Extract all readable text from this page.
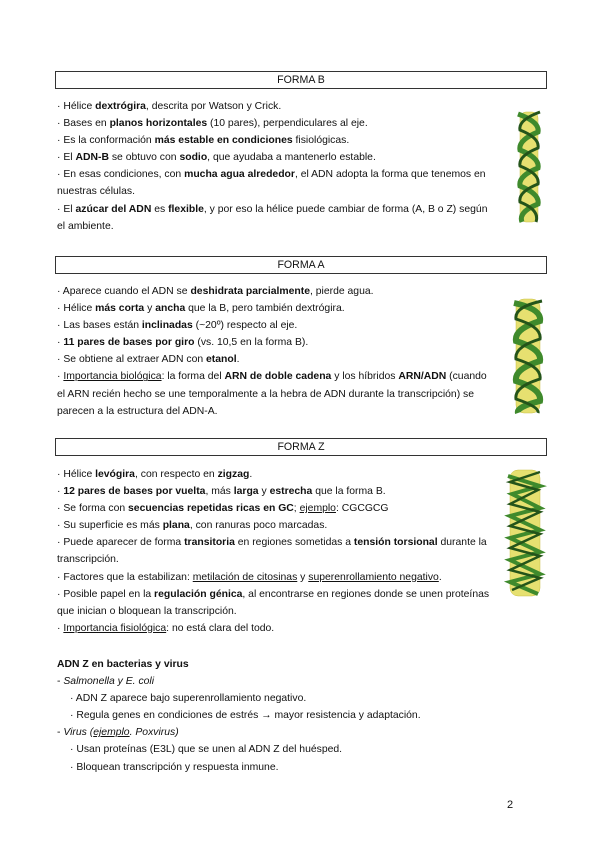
FORMA B

· Hélice dextrógira, descrita por Watson y Crick.

· Bases en planos horizontales (10 pares), perpendiculares al eje.

· Es la conformación más estable en condiciones fisiológicas.

· El ADN-B se obtuvo con sodio, que ayudaba a mantenerlo estable.

· En esas condiciones, con mucha agua alrededor, el ADN adopta la forma que tenemos en nuestras células.

· El azúcar del ADN es flexible, y por eso la hélice puede cambiar de forma (A, B o Z) según el ambiente.

FORMA A

· Aparece cuando el ADN se deshidrata parcialmente, pierde agua.

· Hélice más corta y ancha que la B, pero también dextrógira.

· Las bases están inclinadas (~20º) respecto al eje.

· 11 pares de bases por giro (vs. 10,5 en la forma B).

· Se obtiene al extraer ADN con etanol.

· Importancia biológica: la forma del ARN de doble cadena y los híbridos ARN/ADN (cuando el ARN recién hecho se une temporalmente a la hebra de ADN durante la transcripción) se parecen a la estructura del ADN-A.

FORMA Z

· Hélice levógira, con respecto en zigzag.

· 12 pares de bases por vuelta, más larga y estrecha que la forma B.

· Se forma con secuencias repetidas ricas en GC; ejemplo: CGCGCG

· Su superficie es más plana, con ranuras poco marcadas.

· Puede aparecer de forma transitoria en regiones sometidas a tensión torsional durante la transcripción.

· Factores que la estabilizan: metilación de citosinas y superenrollamiento negativo.

· Posible papel en la regulación génica, al encontrarse en regiones donde se unen proteínas que inician o bloquean la transcripción.

· Importancia fisiológica: no está clara del todo.

ADN Z en bacterias y virus

- Salmonella y E. coli

· ADN Z aparece bajo superenrollamiento negativo.

· Regula genes en condiciones de estrés → mayor resistencia y adaptación.

- Virus (ejemplo. Poxvirus)

· Usan proteínas (E3L) que se unen al ADN Z del huésped.

· Bloquean transcripción y respuesta inmune.

2
